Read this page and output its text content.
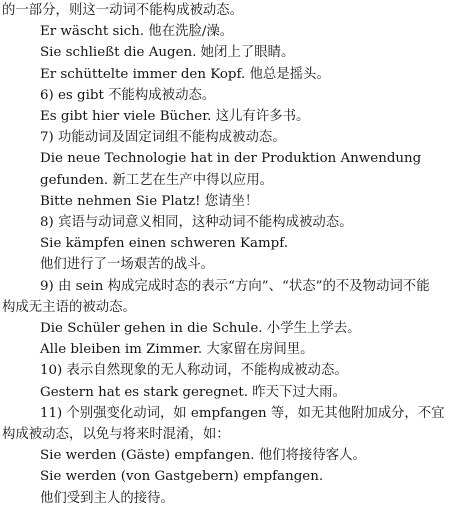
的一部分，则这一动词不能构成被动态。
Er wäscht sich. 他在洗脸/澡。
Sie schließt die Augen. 她闭上了眼睛。
Er schüttelte immer den Kopf. 他总是摇头。
6) es gibt 不能构成被动态。
Es gibt hier viele Bücher. 这儿有许多书。
7) 功能动词及固定词组不能构成被动态。
Die neue Technologie hat in der Produktion Anwendung
gefunden. 新工艺在生产中得以应用。
Bitte nehmen Sie Platz! 您请坐！
8) 宾语与动词意义相同，这种动词不能构成被动态。
Sie kämpfen einen schweren Kampf.
他们进行了一场艰苦的战斗。
9) 由 sein 构成完成时态的表示“方向”、“状态”的不及物动词不能
构成无主语的被动态。
Die Schüler gehen in die Schule. 小学生上学去。
Alle bleiben im Zimmer. 大家留在房间里。
10) 表示自然现象的无人称动词，不能构成被动态。
Gestern hat es stark geregnet. 昨天下过大雨。
11) 个别强变化动词，如 empfangen 等，如无其他附加成分，不宜
构成被动态，以免与将来时混淆，如：
Sie werden (Gäste) empfangen. 他们将接待客人。
Sie werden (von Gastgebern) empfangen.
他们受到主人的接待。
